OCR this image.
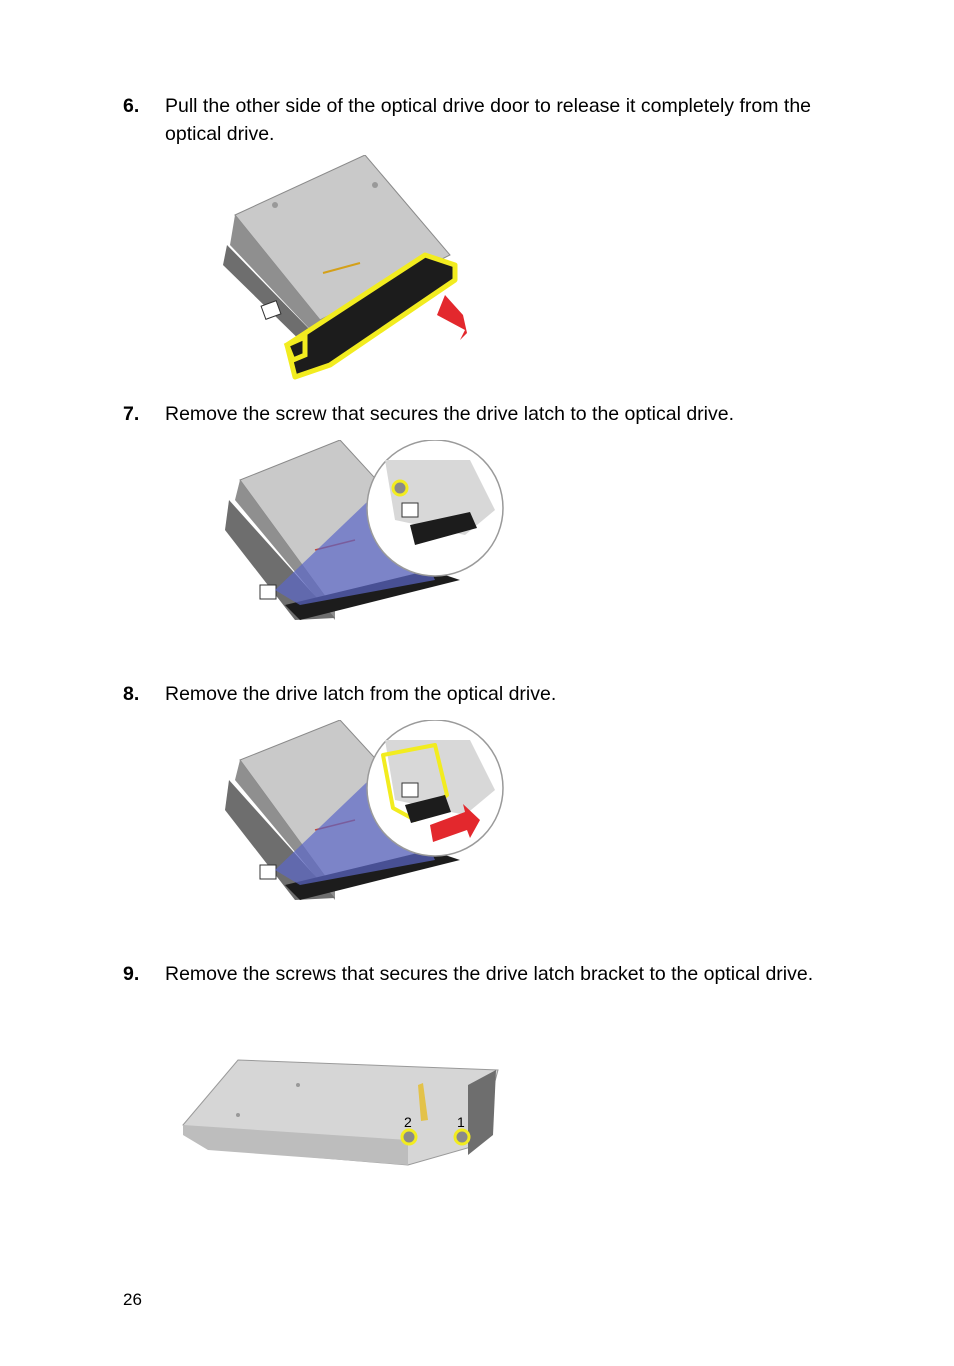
6. Pull the other side of the optical drive door to release it completely from the optical drive.
7. Remove the screw that secures the drive latch to the optical drive.
8. Remove the drive latch from the optical drive.
9. Remove the screws that secures the drive latch bracket to the optical drive.
2	1
26
